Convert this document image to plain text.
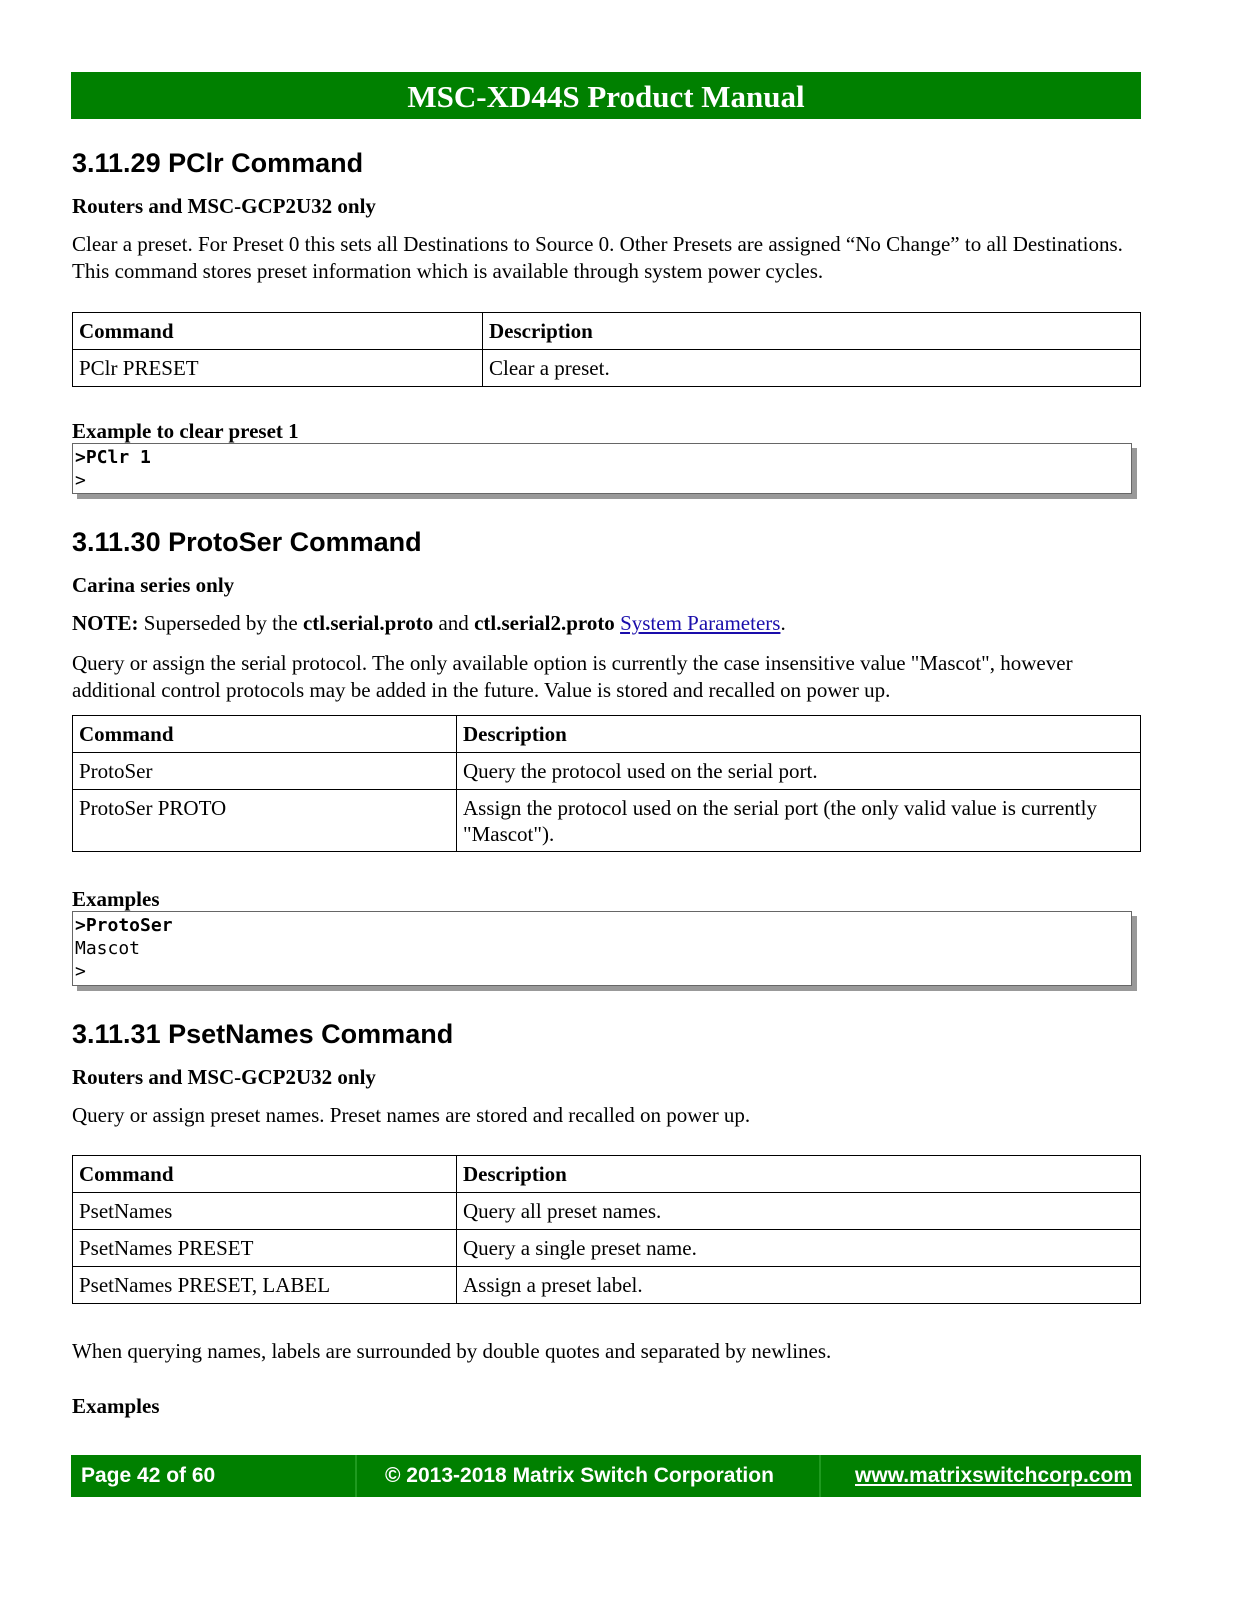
MSC-XD44S Product Manual
3.11.29 PClr Command
Routers and MSC-GCP2U32 only
Clear a preset. For Preset 0 this sets all Destinations to Source 0. Other Presets are assigned “No Change” to all Destinations. This command stores preset information which is available through system power cycles.
Command	Description
PClr PRESET	Clear a preset.
Example to clear preset 1
>PClr 1
>
3.11.30 ProtoSer Command
Carina series only
NOTE: Superseded by the ctl.serial.proto and ctl.serial2.proto System Parameters.
Query or assign the serial protocol. The only available option is currently the case insensitive value "Mascot", however additional control protocols may be added in the future. Value is stored and recalled on power up.
Command	Description
ProtoSer	Query the protocol used on the serial port.
ProtoSer PROTO	Assign the protocol used on the serial port (the only valid value is currently "Mascot").
Examples
>ProtoSer
Mascot
>
3.11.31 PsetNames Command
Routers and MSC-GCP2U32 only
Query or assign preset names. Preset names are stored and recalled on power up.
Command	Description
PsetNames	Query all preset names.
PsetNames PRESET	Query a single preset name.
PsetNames PRESET, LABEL	Assign a preset label.
When querying names, labels are surrounded by double quotes and separated by newlines.
Examples
Page 42 of 60	© 2013-2018 Matrix Switch Corporation	www.matrixswitchcorp.com
